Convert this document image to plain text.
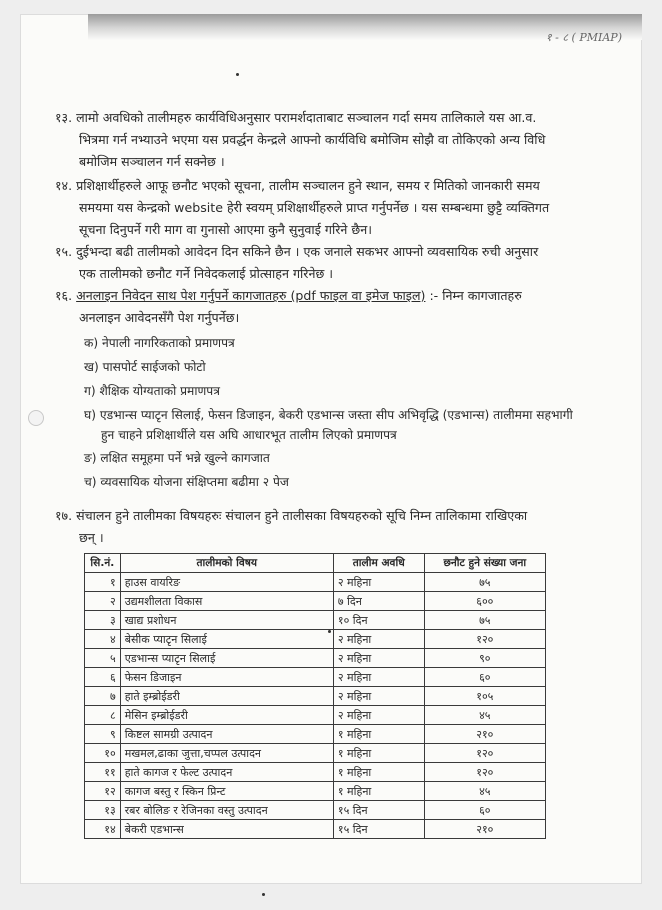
१ - ८ ( PMIAP)
१३. लामो अवधिको तालीमहरु कार्यविधिअनुसार परामर्शदाताबाट सञ्चालन गर्दा समय तालिकाले यस आ.व.
भित्रमा गर्न नभ्याउने भएमा यस प्रवर्द्धन केन्द्रले आफ्नो कार्यविधि बमोजिम सोझै वा तोकिएको अन्य विधि
बमोजिम सञ्चालन गर्न सक्नेछ ।
१४. प्रशिक्षार्थीहरुले आफू छनौट भएको सूचना, तालीम सञ्चालन हुने स्थान, समय र मितिको जानकारी समय
समयमा यस केन्द्रको website हेरी स्वयम् प्रशिक्षार्थीहरुले प्राप्त गर्नुपर्नेछ । यस सम्बन्धमा छुट्टै व्यक्तिगत
सूचना दिनुपर्ने गरी माग वा गुनासो आएमा कुनै सुनुवाई गरिने छैन।
१५. दुईभन्दा बढी तालीमको आवेदन दिन सकिने छैन । एक जनाले सकभर आफ्नो व्यवसायिक रुची अनुसार
एक तालीमको छनौट गर्ने निवेदकलाई प्रोत्साहन गरिनेछ ।
१६. अनलाइन निवेदन साथ पेश गर्नुपर्ने कागजातहरु (pdf फाइल वा इमेज फाइल) :- निम्न कागजातहरु
अनलाइन आवेदनसँगै पेश गर्नुपर्नेछ।
क) नेपाली नागरिकताको प्रमाणपत्र
ख) पासपोर्ट साईजको फोटो
ग) शैक्षिक योग्यताको प्रमाणपत्र
घ) एडभान्स प्याटृन सिलाई, फेसन डिजाइन, बेकरी एडभान्स जस्ता सीप अभिवृद्धि (एडभान्स) तालीममा सहभागी
हुन चाहने प्रशिक्षार्थीले यस अघि आधारभूत तालीम लिएको प्रमाणपत्र
ङ) लक्षित समूहमा पर्ने भन्ने खुल्ने कागजात
च) व्यवसायिक योजना संक्षिप्तमा बढीमा २ पेज
१७. संचालन हुने तालीमका विषयहरुः संचालन हुने तालीसका विषयहरुको सूचि निम्न तालिकामा राखिएका
छन् ।
सि.नं.	तालीमको विषय	तालीम अवधि	छनौट हुने संख्या जना
१	हाउस वायरिङ	२ महिना	७५
२	उद्यमशीलता विकास	७ दिन	६००
३	खाद्य प्रशोधन	१० दिन	७५
४	बेसीक प्याटृन सिलाई	२ महिना	१२०
५	एडभान्स प्याटृन सिलाई	२ महिना	९०
६	फेसन डिजाइन	२ महिना	६०
७	हाते इम्ब्रोईडरी	२ महिना	१०५
८	मेसिन इम्ब्रोईडरी	२ महिना	४५
९	किष्टल सामग्री उत्पादन	१ महिना	२१०
१०	मखमल,ढाका जुत्ता,चप्पल उत्पादन	१ महिना	१२०
११	हाते कागज र फेल्ट उत्पादन	१ महिना	१२०
१२	कागज बस्तु र स्किन प्रिन्ट	१ महिना	४५
१३	रबर बोलिङ र रेजिनका वस्तु उत्पादन	१५ दिन	६०
१४	बेकरी एडभान्स	१५ दिन	२१०
